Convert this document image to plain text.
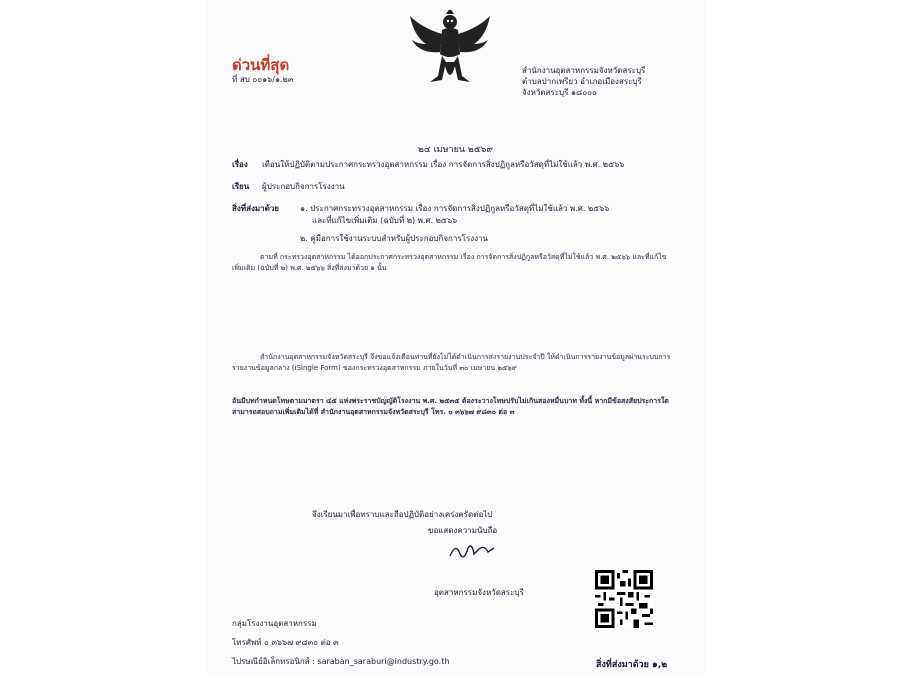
ด่วนที่สุด
ที่ สบ ๐๐๑๖/๑.๒๓
สำนักงานอุตสาหกรรมจังหวัดสระบุรี
ตำบลปากเพรียว อำเภอเมืองสระบุรี
จังหวัดสระบุรี ๑๘๐๐๐
๒๔ เมษายน ๒๕๖๙
เรื่อง เตือนให้ปฏิบัติตามประกาศกระทรวงอุตสาหกรรม เรื่อง การจัดการสิ่งปฏิกูลหรือวัสดุที่ไม่ใช้แล้ว พ.ศ. ๒๕๖๖
เรียน ผู้ประกอบกิจการโรงงาน
สิ่งที่ส่งมาด้วย	๑. ประกาศกระทรวงอุตสาหกรรม เรื่อง การจัดการสิ่งปฏิกูลหรือวัสดุที่ไม่ใช้แล้ว พ.ศ. ๒๕๖๖
และที่แก้ไขเพิ่มเติม (ฉบับที่ ๒) พ.ศ. ๒๕๖๖
๒. คู่มือการใช้งานระบบสำหรับผู้ประกอบกิจการโรงงาน
ตามที่ กระทรวงอุตสาหกรรม ได้ออกประกาศกระทรวงอุตสาหกรรม เรื่อง การจัดการสิ่งปฏิกูลหรือวัสดุที่ไม่ใช้แล้ว พ.ศ. ๒๕๖๖ และที่แก้ไขเพิ่มเติม (ฉบับที่ ๒) พ.ศ. ๒๕๖๖ สิ่งที่ส่งมาด้วย ๑ นั้น
สำนักงานอุตสาหกรรมจังหวัดสระบุรี จึงขอแจ้งเตือนท่านที่ยังไม่ได้ดำเนินการส่งรายงานประจำปี ให้ดำเนินการรายงานข้อมูลผ่านระบบการรายงานข้อมูลกลาง (iSingle Form) ของกระทรวงอุตสาหกรรม ภายในวันที่ ๓๐ เมษายน ๒๕๖๙
อันมีบทกำหนดโทษตามมาตรา ๔๕ แห่งพระราชบัญญัติโรงงาน พ.ศ. ๒๕๓๕ ต้องระวางโทษปรับไม่เกินสองหมื่นบาท ทั้งนี้ หากมีข้อสงสัยประการใดสามารถสอบถามเพิ่มเติมได้ที่ สำนักงานอุตสาหกรรมจังหวัดสระบุรี โทร. ๐ ๓๖๖๗ ๙๘๓๐ ต่อ ๓
จึงเรียนมาเพื่อทราบและถือปฏิบัติอย่างเคร่งครัดต่อไป
ขอแสดงความนับถือ
อุตสาหกรรมจังหวัดสระบุรี
กลุ่มโรงงานอุตสาหกรรม
โทรศัพท์ ๐ ๓๖๖๗ ๙๘๓๐ ต่อ ๓
ไปรษณีย์อิเล็กทรอนิกส์ : saraban_saraburi@industry.go.th	สิ่งที่ส่งมาด้วย ๑,๒
